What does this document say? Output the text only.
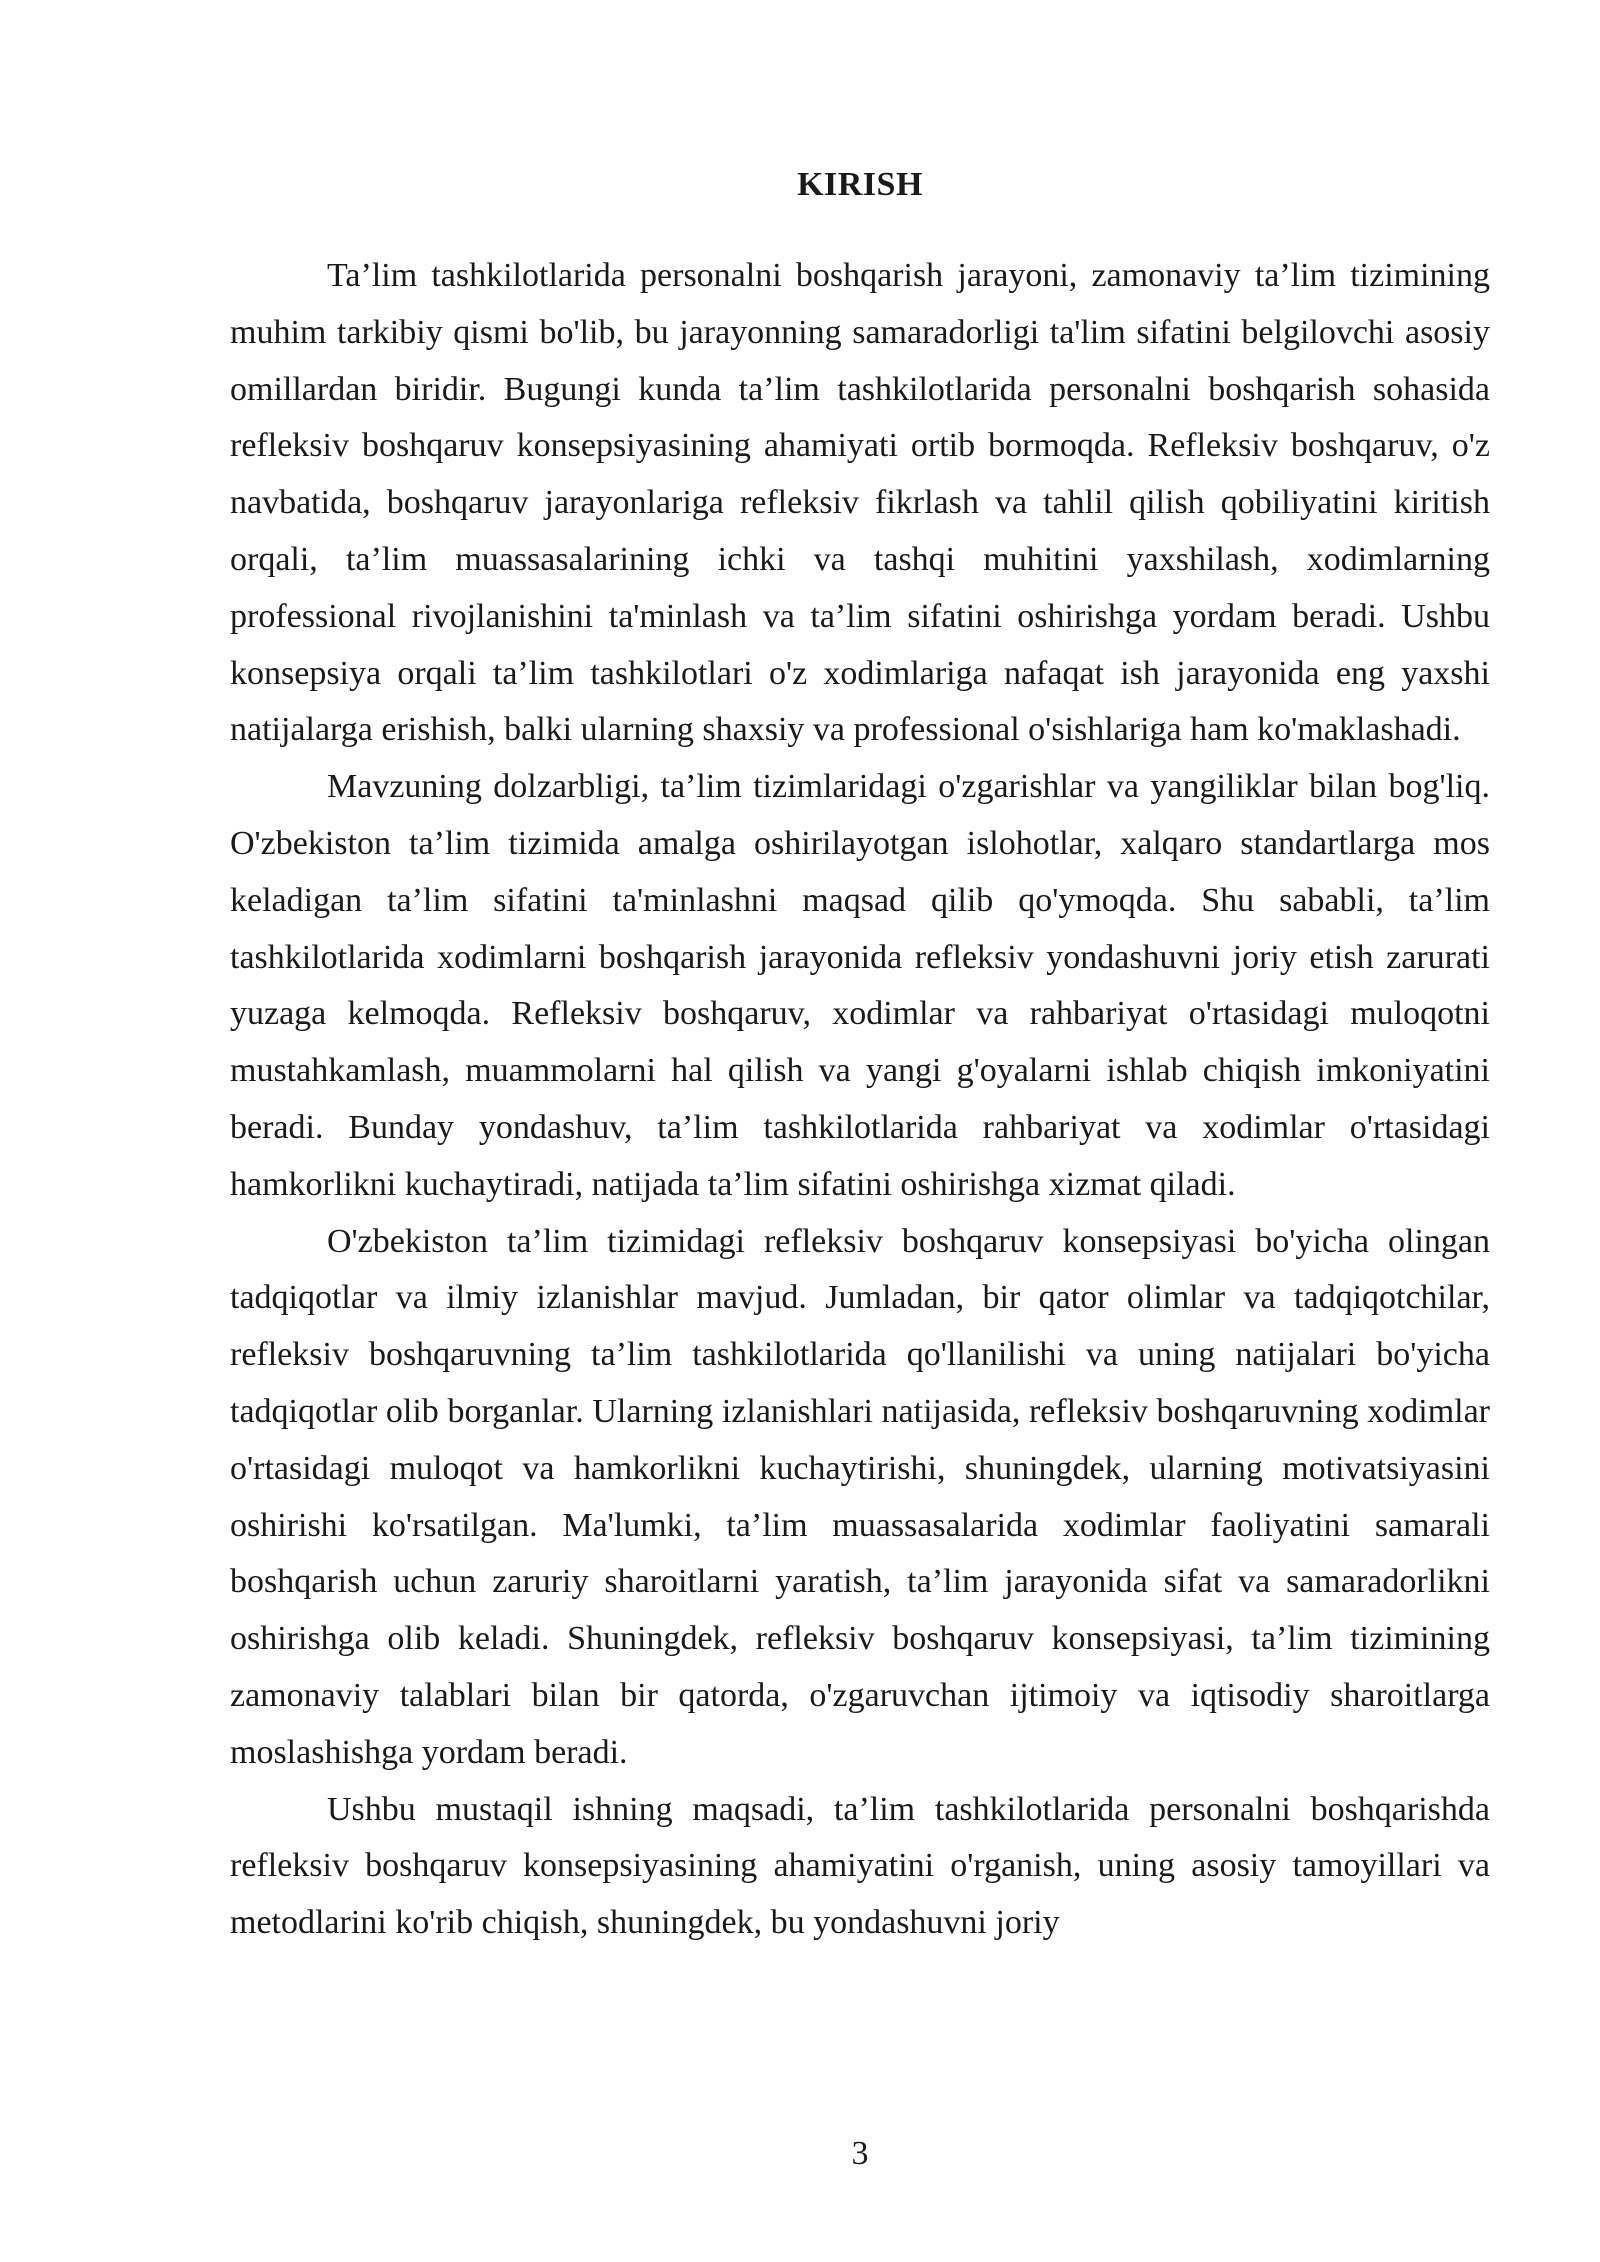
KIRISH

Ta’lim tashkilotlarida personalni boshqarish jarayoni, zamonaviy ta’lim tizimining muhim tarkibiy qismi bo'lib, bu jarayonning samaradorligi ta'lim sifatini belgilovchi asosiy omillardan biridir. Bugungi kunda ta’lim tashkilotlarida personalni boshqarish sohasida refleksiv boshqaruv konsepsiyasining ahamiyati ortib bormoqda. Refleksiv boshqaruv, o'z navbatida, boshqaruv jarayonlariga refleksiv fikrlash va tahlil qilish qobiliyatini kiritish orqali, ta’lim muassasalarining ichki va tashqi muhitini yaxshilash, xodimlarning professional rivojlanishini ta'minlash va ta’lim sifatini oshirishga yordam beradi. Ushbu konsepsiya orqali ta’lim tashkilotlari o'z xodimlariga nafaqat ish jarayonida eng yaxshi natijalarga erishish, balki ularning shaxsiy va professional o'sishlariga ham ko'maklashadi.

Mavzuning dolzarbligi, ta’lim tizimlaridagi o'zgarishlar va yangiliklar bilan bog'liq. O'zbekiston ta’lim tizimida amalga oshirilayotgan islohotlar, xalqaro standartlarga mos keladigan ta’lim sifatini ta'minlashni maqsad qilib qo'ymoqda. Shu sababli, ta’lim tashkilotlarida xodimlarni boshqarish jarayonida refleksiv yondashuvni joriy etish zarurati yuzaga kelmoqda. Refleksiv boshqaruv, xodimlar va rahbariyat o'rtasidagi muloqotni mustahkamlash, muammolarni hal qilish va yangi g'oyalarni ishlab chiqish imkoniyatini beradi. Bunday yondashuv, ta’lim tashkilotlarida rahbariyat va xodimlar o'rtasidagi hamkorlikni kuchaytiradi, natijada ta’lim sifatini oshirishga xizmat qiladi.

O'zbekiston ta’lim tizimidagi refleksiv boshqaruv konsepsiyasi bo'yicha olingan tadqiqotlar va ilmiy izlanishlar mavjud. Jumladan, bir qator olimlar va tadqiqotchilar, refleksiv boshqaruvning ta’lim tashkilotlarida qo'llanilishi va uning natijalari bo'yicha tadqiqotlar olib borganlar. Ularning izlanishlari natijasida, refleksiv boshqaruvning xodimlar o'rtasidagi muloqot va hamkorlikni kuchaytirishi, shuningdek, ularning motivatsiyasini oshirishi ko'rsatilgan. Ma'lumki, ta’lim muassasalarida xodimlar faoliyatini samarali boshqarish uchun zaruriy sharoitlarni yaratish, ta’lim jarayonida sifat va samaradorlikni oshirishga olib keladi. Shuningdek, refleksiv boshqaruv konsepsiyasi, ta’lim tizimining zamonaviy talablari bilan bir qatorda, o'zgaruvchan ijtimoiy va iqtisodiy sharoitlarga moslashishga yordam beradi.

Ushbu mustaqil ishning maqsadi, ta’lim tashkilotlarida personalni boshqarishda refleksiv boshqaruv konsepsiyasining ahamiyatini o'rganish, uning asosiy tamoyillari va metodlarini ko'rib chiqish, shuningdek, bu yondashuvni joriy

3
